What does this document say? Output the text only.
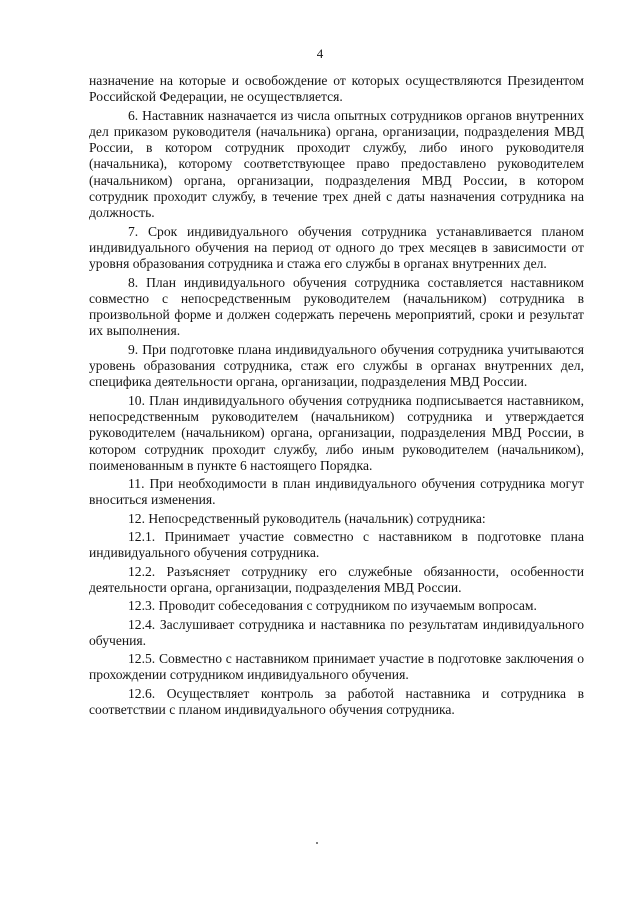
4

назначение на которые и освобождение от которых осуществляются Президентом Российской Федерации, не осуществляется.

6. Наставник назначается из числа опытных сотрудников органов внутренних дел приказом руководителя (начальника) органа, организации, подразделения МВД России, в котором сотрудник проходит службу, либо иного руководителя (начальника), которому соответствующее право предоставлено руководителем (начальником) органа, организации, подразделения МВД России, в котором сотрудник проходит службу, в течение трех дней с даты назначения сотрудника на должность.

7. Срок индивидуального обучения сотрудника устанавливается планом индивидуального обучения на период от одного до трех месяцев в зависимости от уровня образования сотрудника и стажа его службы в органах внутренних дел.

8. План индивидуального обучения сотрудника составляется наставником совместно с непосредственным руководителем (начальником) сотрудника в произвольной форме и должен содержать перечень мероприятий, сроки и результат их выполнения.

9. При подготовке плана индивидуального обучения сотрудника учитываются уровень образования сотрудника, стаж его службы в органах внутренних дел, специфика деятельности органа, организации, подразделения МВД России.

10. План индивидуального обучения сотрудника подписывается наставником, непосредственным руководителем (начальником) сотрудника и утверждается руководителем (начальником) органа, организации, подразделения МВД России, в котором сотрудник проходит службу, либо иным руководителем (начальником), поименованным в пункте 6 настоящего Порядка.

11. При необходимости в план индивидуального обучения сотрудника могут вноситься изменения.

12. Непосредственный руководитель (начальник) сотрудника:

12.1. Принимает участие совместно с наставником в подготовке плана индивидуального обучения сотрудника.

12.2. Разъясняет сотруднику его служебные обязанности, особенности деятельности органа, организации, подразделения МВД России.

12.3. Проводит собеседования с сотрудником по изучаемым вопросам.

12.4. Заслушивает сотрудника и наставника по результатам индивидуального обучения.

12.5. Совместно с наставником принимает участие в подготовке заключения о прохождении сотрудником индивидуального обучения.

12.6. Осуществляет контроль за работой наставника и сотрудника в соответствии с планом индивидуального обучения сотрудника.
